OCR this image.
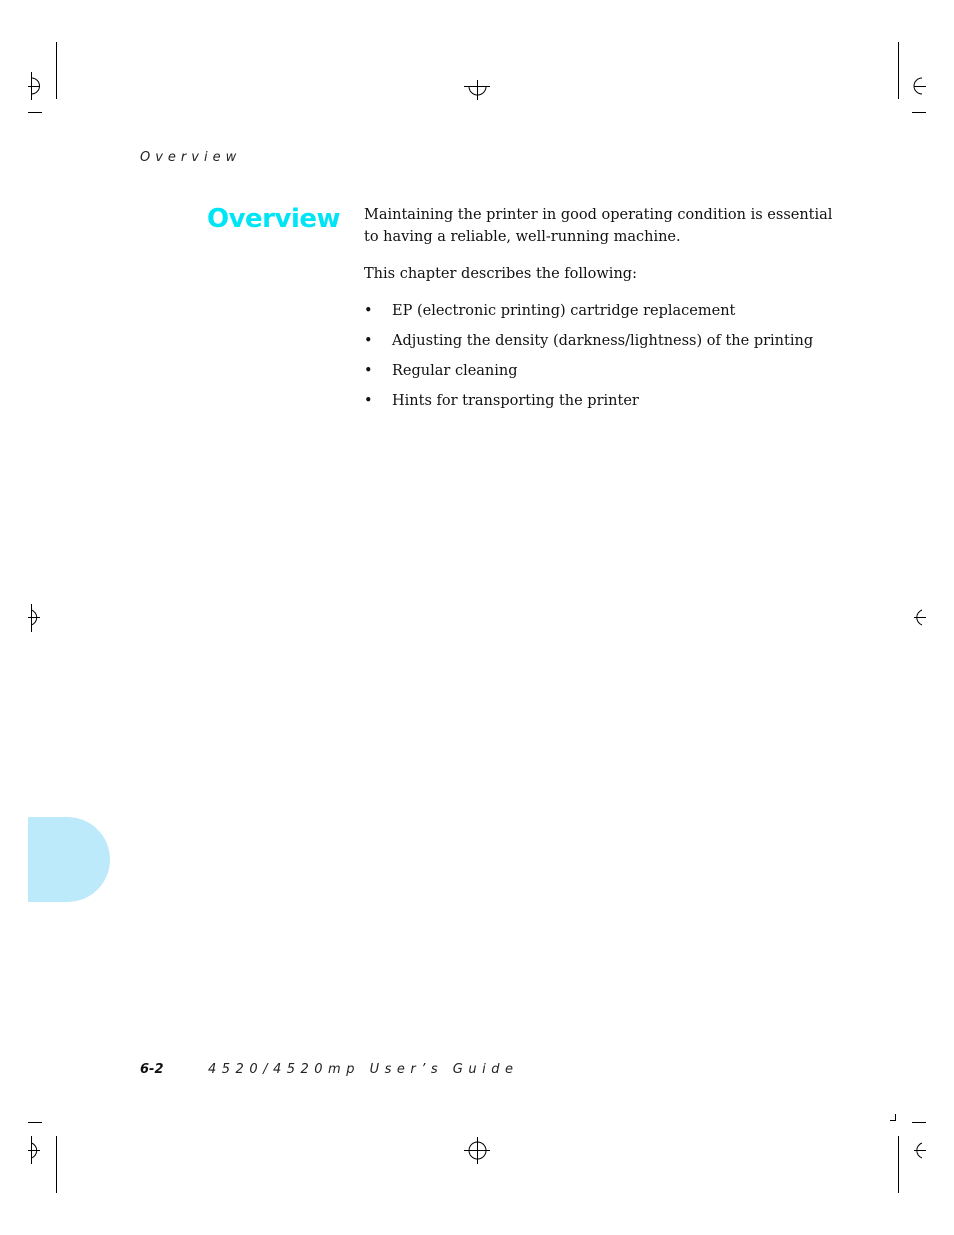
Overview
Overview Maintaining the printer in good operating condition is essential to having a reliable, well-running machine.

This chapter describes the following:

• EP (electronic printing) cartridge replacement
• Adjusting the density (darkness/lightness) of the printing
• Regular cleaning
• Hints for transporting the printer
6-2	4520/4520mp User’s Guide
